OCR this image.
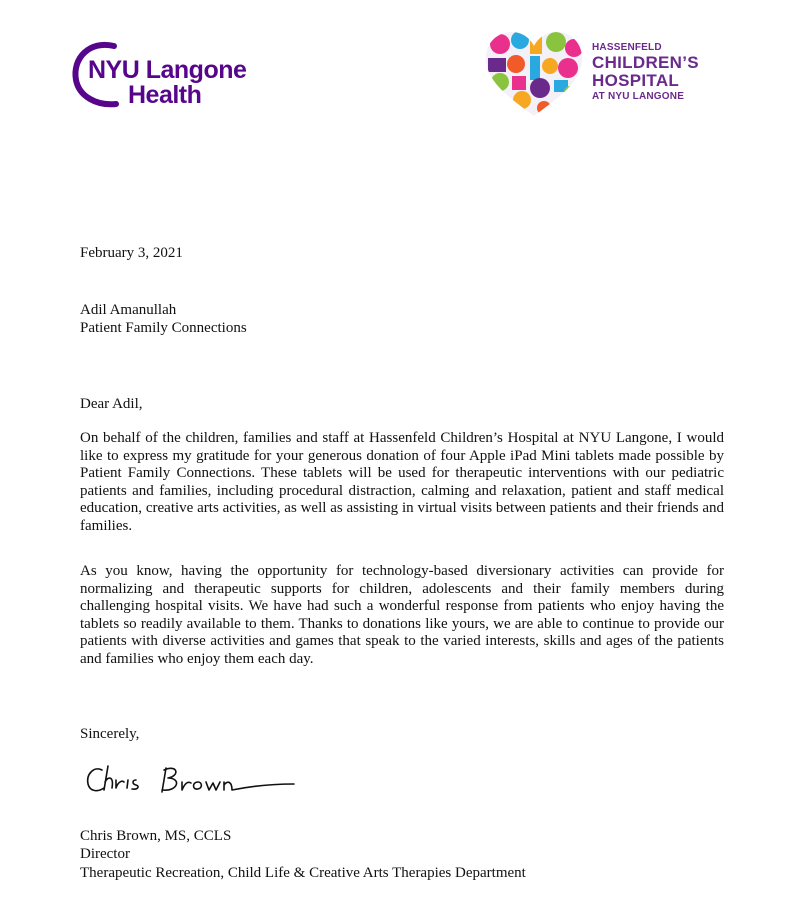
NYU Langone
Health
HASSENFELD
CHILDREN’S
HOSPITAL
AT NYU LANGONE
February 3, 2021
Adil Amanullah
Patient Family Connections
Dear Adil,
On behalf of the children, families and staff at Hassenfeld Children’s Hospital at NYU Langone, I would like to express my gratitude for your generous donation of four Apple iPad Mini tablets made possible by Patient Family Connections. These tablets will be used for therapeutic interventions with our pediatric patients and families, including procedural distraction, calming and relaxation, patient and staff medical education, creative arts activities, as well as assisting in virtual visits between patients and their friends and families.
As you know, having the opportunity for technology-based diversionary activities can provide for normalizing and therapeutic supports for children, adolescents and their family members during challenging hospital visits. We have had such a wonderful response from patients who enjoy having the tablets so readily available to them. Thanks to donations like yours, we are able to continue to provide our patients with diverse activities and games that speak to the varied interests, skills and ages of the patients and families who enjoy them each day.
Sincerely,
Chris Brown, MS, CCLS
Director
Therapeutic Recreation, Child Life & Creative Arts Therapies Department
